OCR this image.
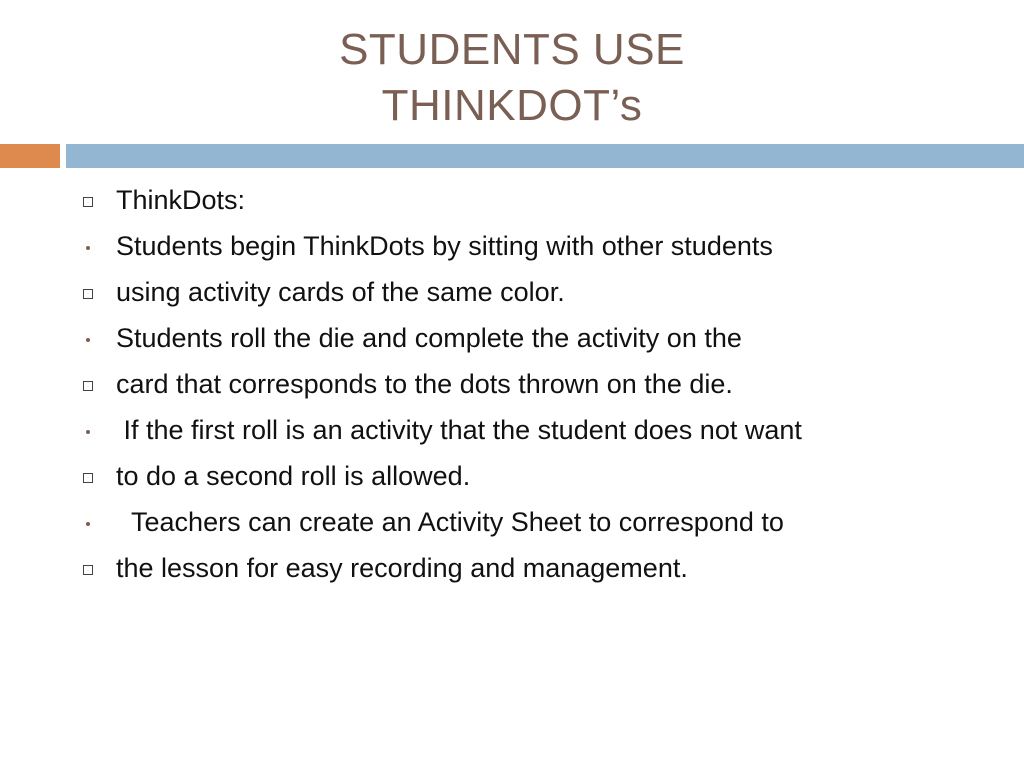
STUDENTS USE
THINKDOT’s
ThinkDots:
Students begin ThinkDots by sitting with other students
using activity cards of the same color.
Students roll the die and complete the activity on the
card that corresponds to the dots thrown on the die.
If the first roll is an activity that the student does not want
to do a second roll is allowed.
Teachers can create an Activity Sheet to correspond to
the lesson for easy recording and management.
